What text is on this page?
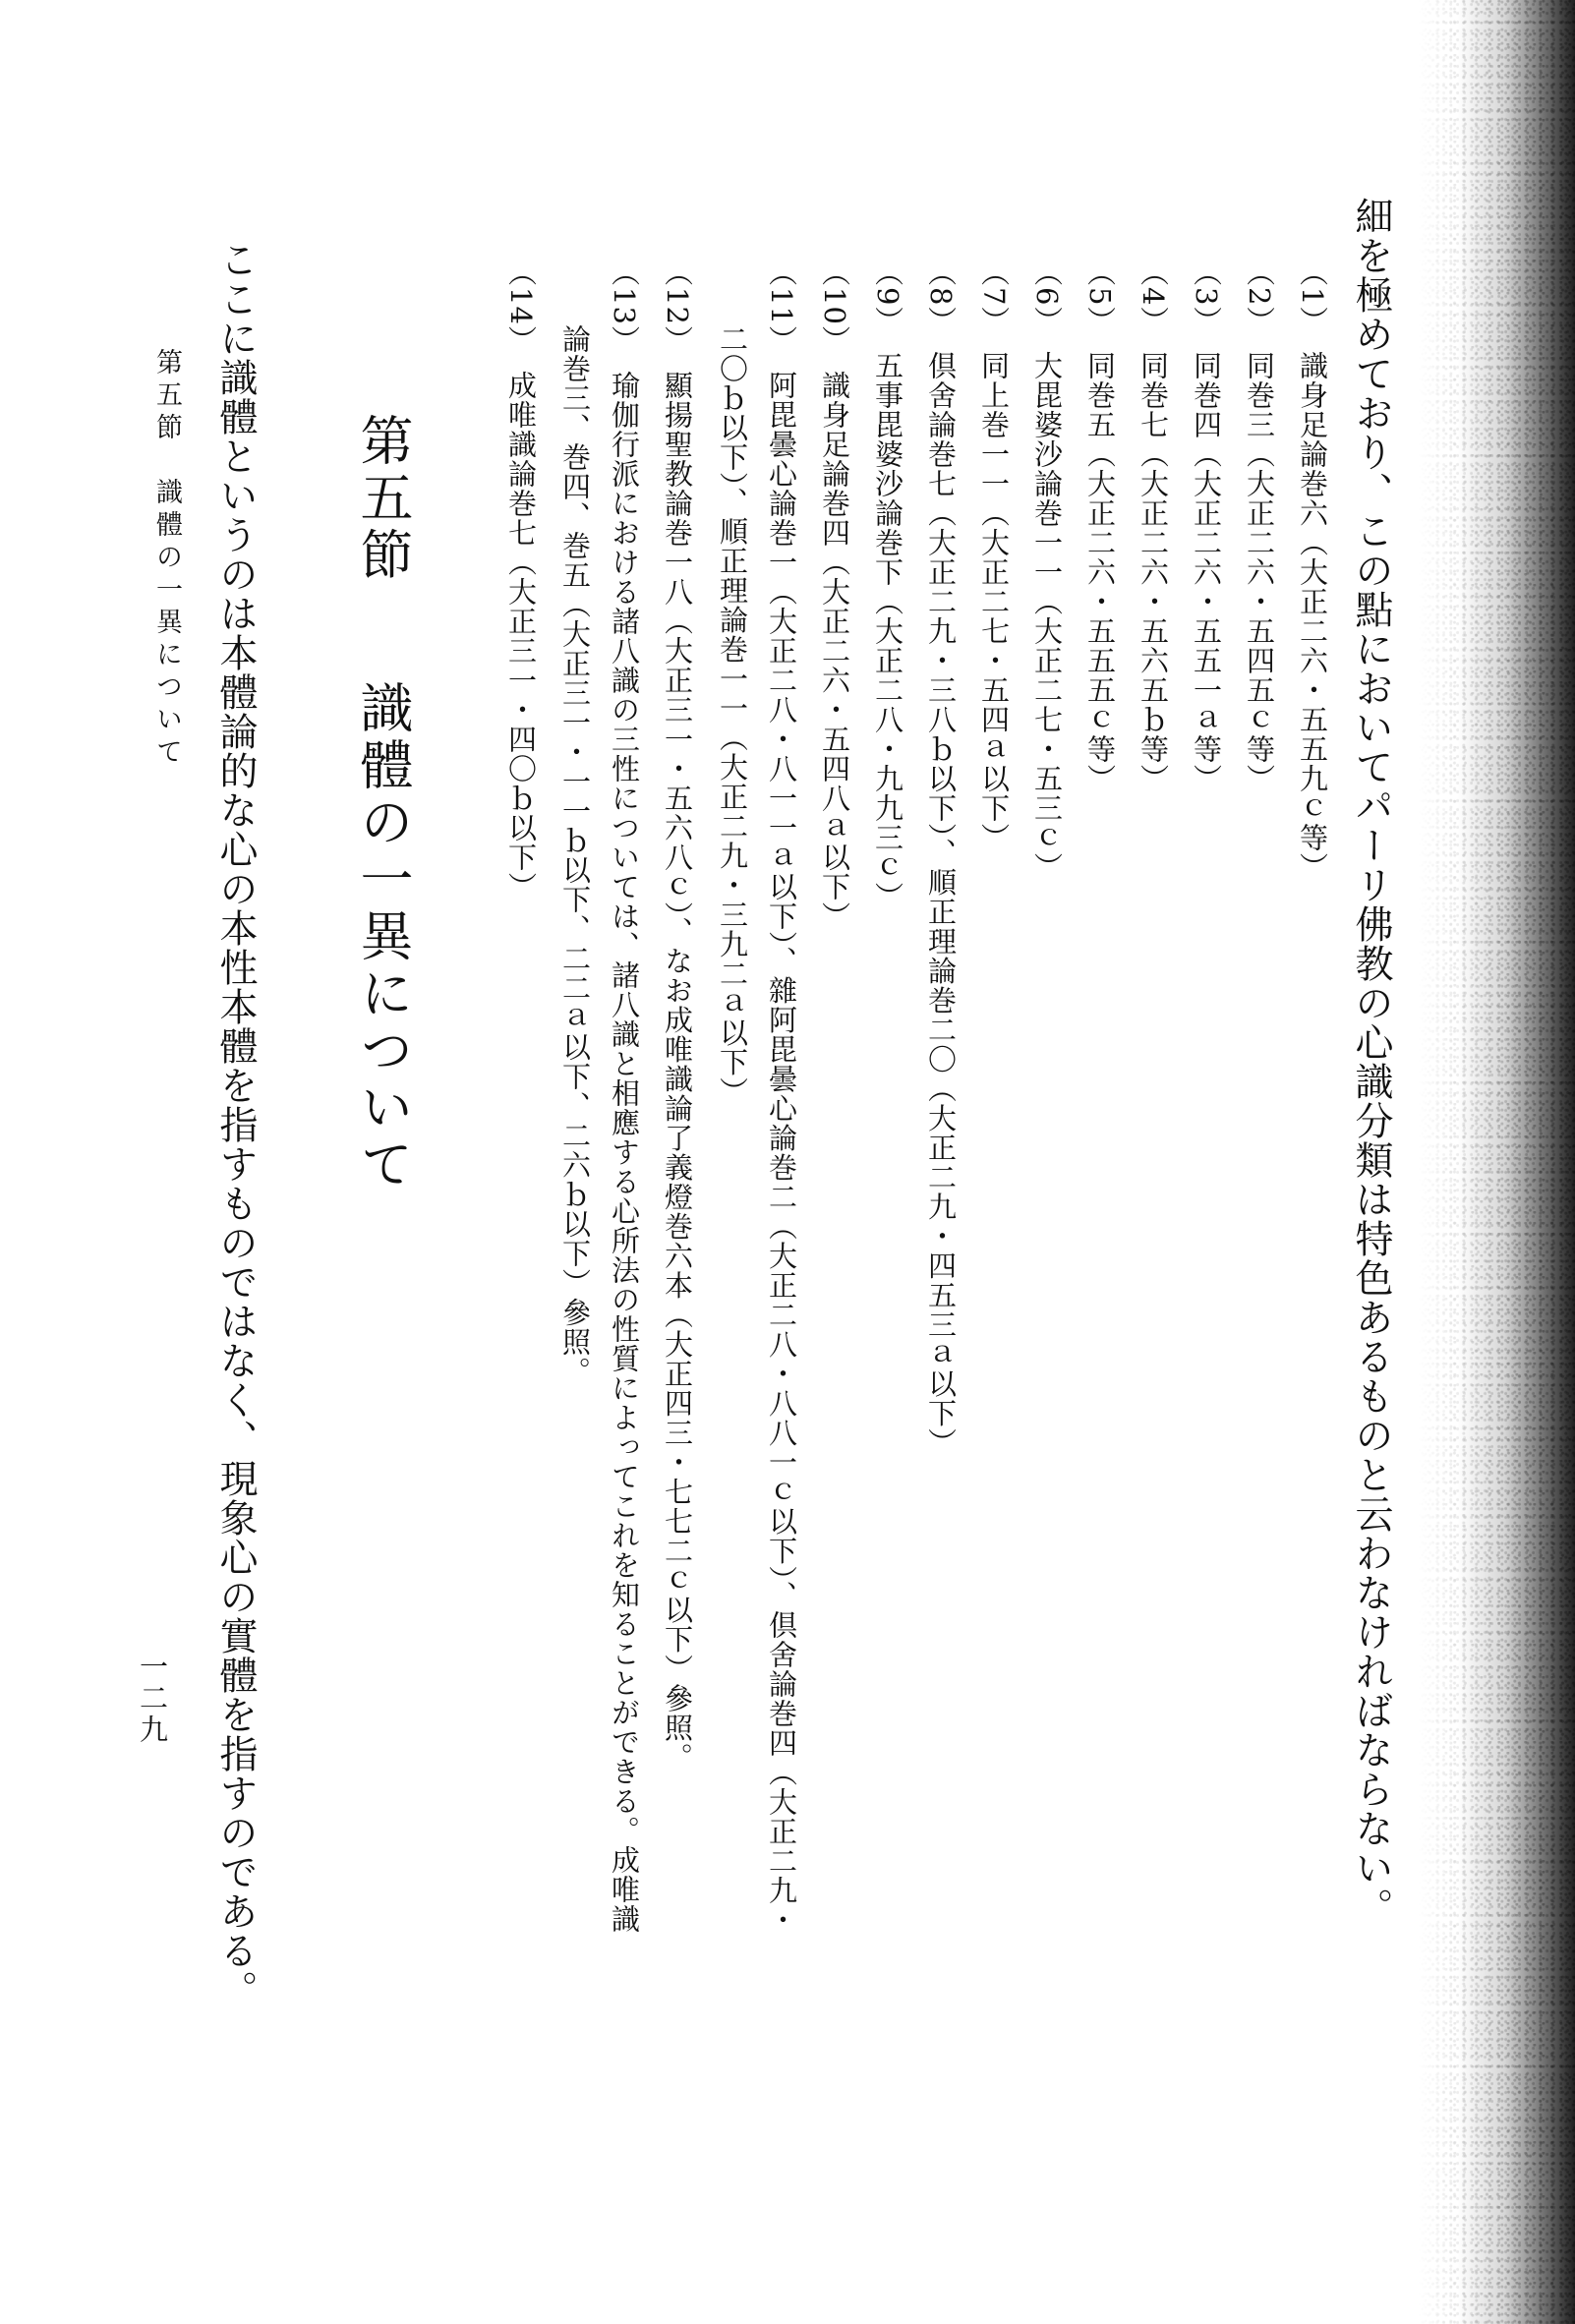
細を極めており、この點においてパーリ佛教の心識分類は特色あるものと云わなければならない。

（1）
識身足論巻六（大正二六・五五九ｃ等）
（2）
同巻三（大正二六・五四五ｃ等）
（3）
同巻四（大正二六・五五一ａ等）
（4）
同巻七（大正二六・五六五ｂ等）
（5）
同巻五（大正二六・五五五ｃ等）
（6）
大毘婆沙論巻一一（大正二七・五三ｃ）
（7）
同上巻一一（大正二七・五四ａ以下）
（8）
倶舍論巻七（大正二九・三八ｂ以下）、順正理論巻二〇（大正二九・四五三ａ以下）
（9）
五事毘婆沙論巻下（大正二八・九九三ｃ）
（10）
識身足論巻四（大正二六・五四八ａ以下）
（11）
阿毘曇心論巻一（大正二八・八一一ａ以下）、雜阿毘曇心論巻二（大正二八・八八一ｃ以下）、倶舍論巻四（大正二九・

二〇ｂ以下）、順正理論巻一一（大正二九・三九二ａ以下）

（12）
顯揚聖教論巻一八（大正三一・五六八ｃ）、なお成唯識論了義燈巻六本（大正四三・七七二ｃ以下）參照。
（13）
瑜伽行派における諸八識の三性については、諸八識と相應する心所法の性質によってこれを知ることができる。成唯識

論巻三、巻四、巻五（大正三一・一一ｂ以下、二二ａ以下、二六ｂ以下）參照。

（14）
成唯識論巻七（大正三一・四〇ｂ以下）
第五節  識體の一異について

ここに識體というのは本體論的な心の本性本體を指すものではなく、現象心の實體を指すのである。

第五節　識體の一異について

一二九
